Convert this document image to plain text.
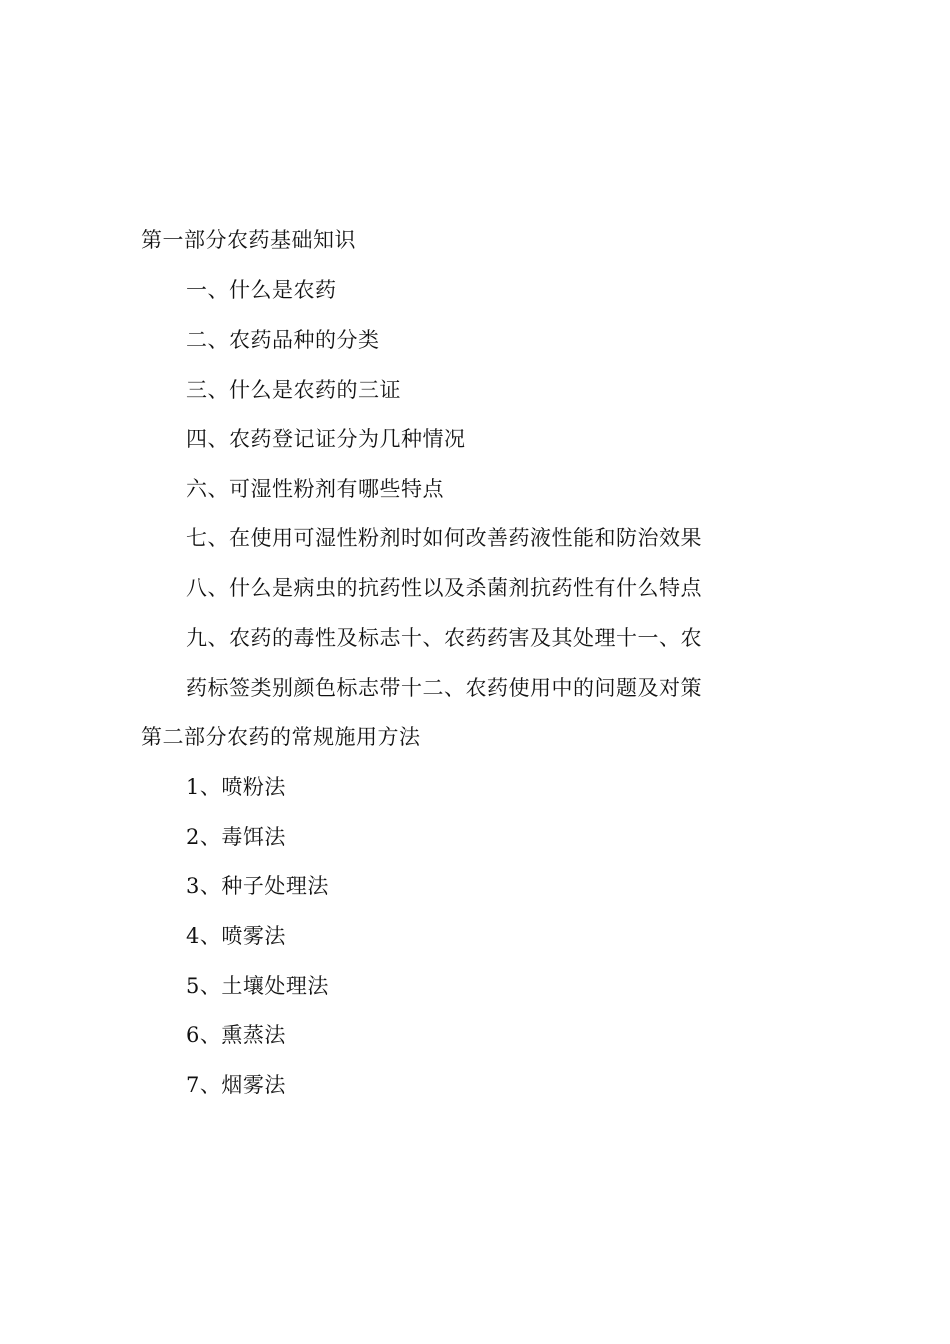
第一部分农药基础知识
一、什么是农药
二、农药品种的分类
三、什么是农药的三证
四、农药登记证分为几种情况
六、可湿性粉剂有哪些特点
七、在使用可湿性粉剂时如何改善药液性能和防治效果
八、什么是病虫的抗药性以及杀菌剂抗药性有什么特点
九、农药的毒性及标志十、农药药害及其处理十一、农
药标签类别颜色标志带十二、农药使用中的问题及对策
第二部分农药的常规施用方法
1、喷粉法
2、毒饵法
3、种子处理法
4、喷雾法
5、土壤处理法
6、熏蒸法
7、烟雾法
